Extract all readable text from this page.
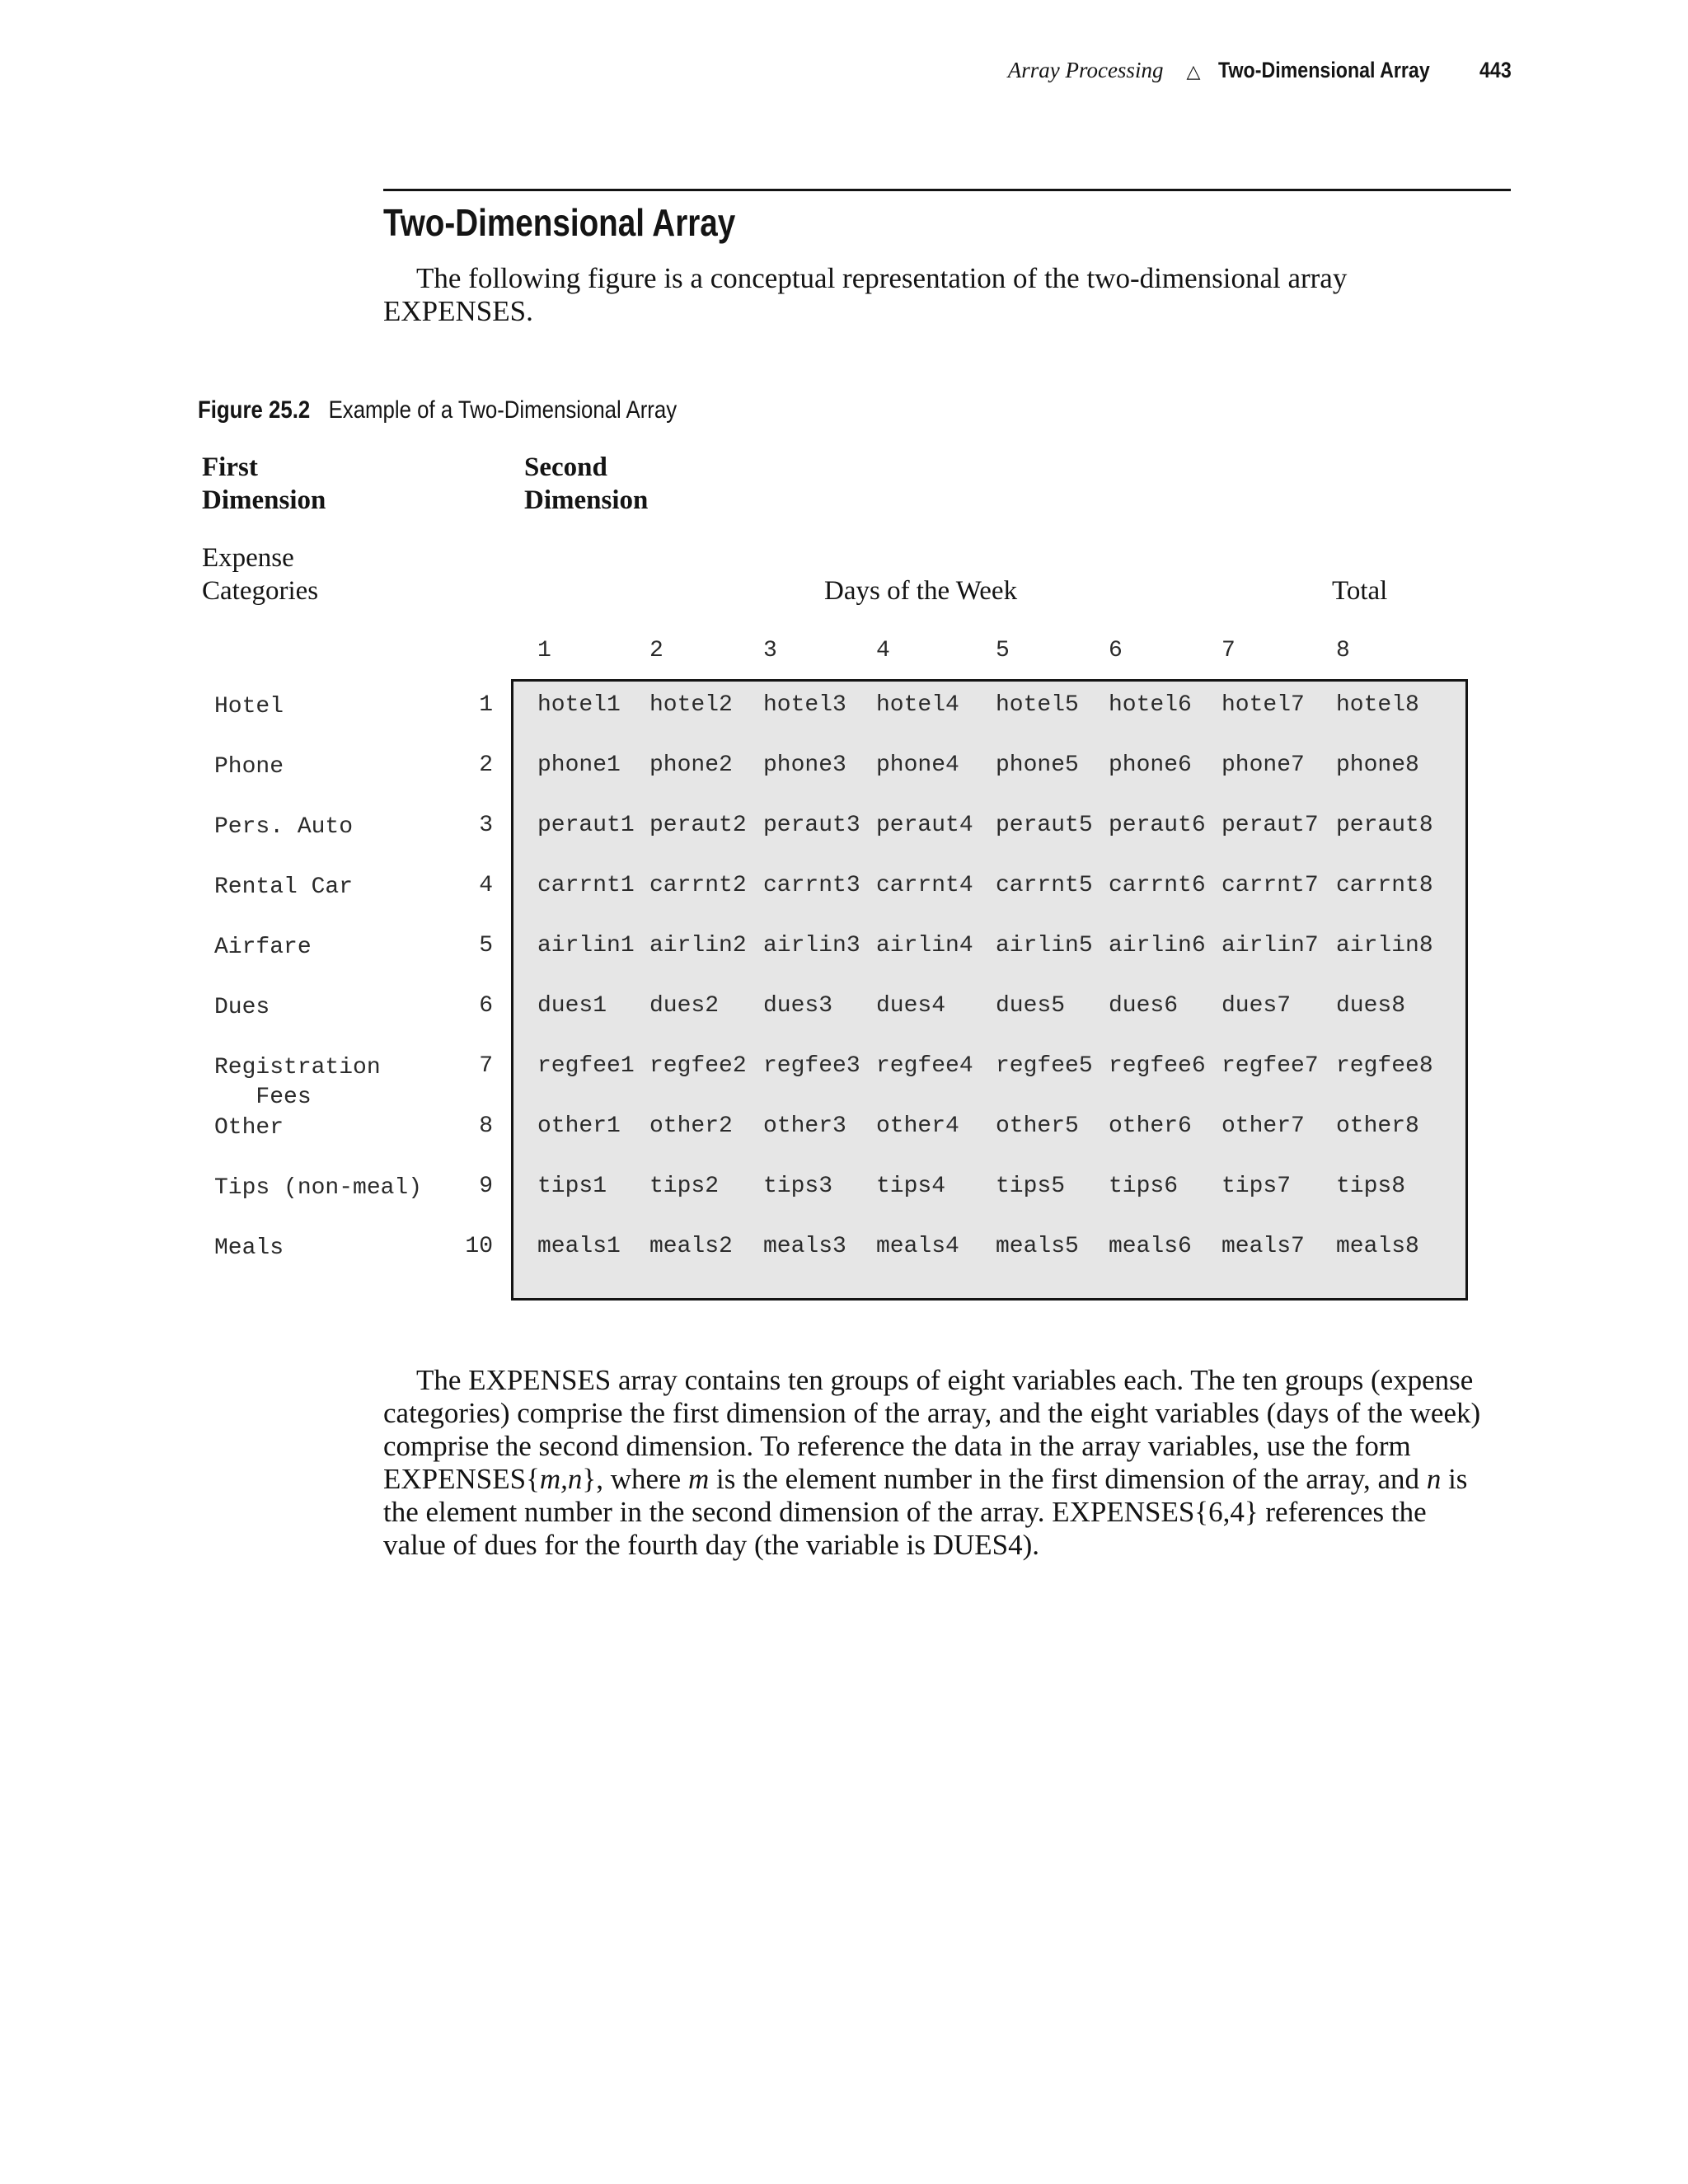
Array Processing △ Two-Dimensional Array 443
Two-Dimensional Array

The following figure is a conceptual representation of the two-dimensional array EXPENSES.

Figure 25.2 Example of a Two-Dimensional Array
First
Dimension
Second
Dimension
Expense
Categories	Days of the Week	Total
1	2	3	4	5	6	7	8
Hotel	1 hotel1 hotel2 hotel3 hotel4 hotel5 hotel6 hotel7 hotel8
Phone	2 phone1 phone2 phone3 phone4 phone5 phone6 phone7 phone8
Pers. Auto	3 peraut1 peraut2 peraut3 peraut4 peraut5 peraut6 peraut7 peraut8
Rental Car	4 carrnt1 carrnt2 carrnt3 carrnt4 carrnt5 carrnt6 carrnt7 carrnt8
Airfare	5 airlin1 airlin2 airlin3 airlin4 airlin5 airlin6 airlin7 airlin8
Dues	6 dues1 dues2 dues3 dues4 dues5 dues6 dues7 dues8
Registration
Fees
7 regfee1 regfee2 regfee3 regfee4 regfee5 regfee6 regfee7 regfee8
Other	8 other1 other2 other3 other4 other5 other6 other7 other8
Tips (non-meal)	9 tips1 tips2 tips3 tips4 tips5 tips6 tips7 tips8
Meals	10 meals1 meals2 meals3 meals4 meals5 meals6 meals7 meals8

The EXPENSES array contains ten groups of eight variables each. The ten groups (expense categories) comprise the first dimension of the array, and the eight variables (days of the week) comprise the second dimension. To reference the data in the array variables, use the form EXPENSES{m,n}, where m is the element number in the first dimension of the array, and n is the element number in the second dimension of the array. EXPENSES{6,4} references the value of dues for the fourth day (the variable is DUES4).
